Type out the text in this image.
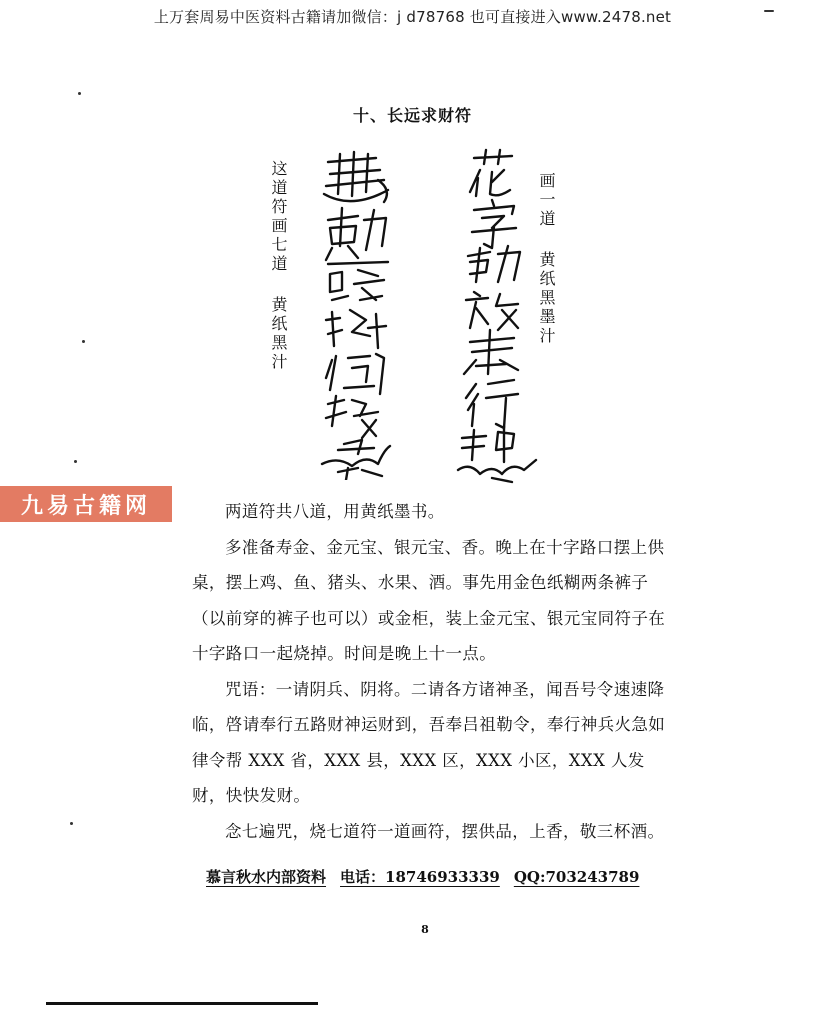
上万套周易中医资料古籍请加微信：j d78768 也可直接进入www.2478.net
十、长远求财符
这道符画七道黄纸黑汁
画一道黄纸黑墨汁
九易古籍网	两道符共八道，用黄纸墨书。

多准备寿金、金元宝、银元宝、香。晚上在十字路口摆上供桌，摆上鸡、鱼、猪头、水果、酒。事先用金色纸糊两条裤子（以前穿的裤子也可以）或金柜，装上金元宝、银元宝同符子在十字路口一起烧掉。时间是晚上十一点。

咒语：一请阴兵、阴将。二请各方诸神圣，闻吾号令速速降临，啓请奉行五路财神运财到，吾奉吕祖勒令，奉行神兵火急如律令帮 XXX 省，XXX 县，XXX 区，XXX 小区，XXX 人发财，快快发财。

念七遍咒，烧七道符一道画符，摆供品，上香，敬三杯酒。

慕言秋水内部资料 电话：18746933339 QQ:703243789
8
